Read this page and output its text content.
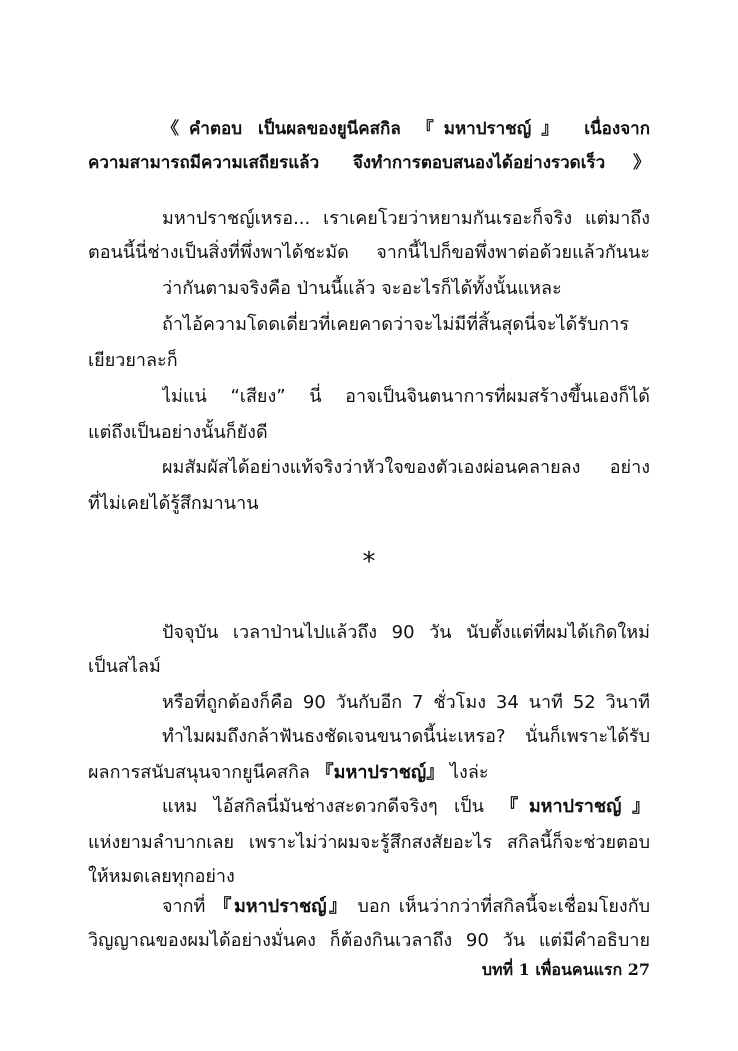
《คำตอบ เป็นผลของยูนีคสกิล 『มหาปราชญ์』 เนื่องจาก
ความสามารถมีความเสถียรแล้ว จึงทำการตอบสนองได้อย่างรวดเร็ว》
มหาปราชญ์เหรอ... เราเคยโวยว่าหยามกันเรอะก็จริง แต่มาถึง
ตอนนี้นี่ช่างเป็นสิ่งที่พึ่งพาได้ชะมัด จากนี้ไปก็ขอพึ่งพาต่อด้วยแล้วกันนะ
ว่ากันตามจริงคือ ป่านนี้แล้ว จะอะไรก็ได้ทั้งนั้นแหละ
ถ้าไอ้ความโดดเดี่ยวที่เคยคาดว่าจะไม่มีที่สิ้นสุดนี่จะได้รับการ
เยียวยาละก็
ไม่แน่ “เสียง” นี่ อาจเป็นจินตนาการที่ผมสร้างขึ้นเองก็ได้
แต่ถึงเป็นอย่างนั้นก็ยังดี
ผมสัมผัสได้อย่างแท้จริงว่าหัวใจของตัวเองผ่อนคลายลง อย่าง
ที่ไม่เคยได้รู้สึกมานาน
*
ปัจจุบัน เวลาป่านไปแล้วถึง 90 วัน นับตั้งแต่ที่ผมได้เกิดใหม่
เป็นสไลม์
หรือที่ถูกต้องก็คือ 90 วันกับอีก 7 ชั่วโมง 34 นาที 52 วินาที
ทำไมผมถึงกล้าฟันธงชัดเจนขนาดนี้น่ะเหรอ? นั่นก็เพราะได้รับ
ผลการสนับสนุนจากยูนีคสกิล 『มหาปราชญ์』 ไงล่ะ
แหม ไอ้สกิลนี่มันช่างสะดวกดีจริงๆ เป็น 『มหาปราชญ์』
แห่งยามลำบากเลย เพราะไม่ว่าผมจะรู้สึกสงสัยอะไร สกิลนี้ก็จะช่วยตอบ
ให้หมดเลยทุกอย่าง
จากที่ 『มหาปราชญ์』 บอก เห็นว่ากว่าที่สกิลนี้จะเชื่อมโยงกับ
วิญญาณของผมได้อย่างมั่นคง ก็ต้องกินเวลาถึง 90 วัน แต่มีคำอธิบาย
บทที่ 1 เพื่อนคนแรก 27
